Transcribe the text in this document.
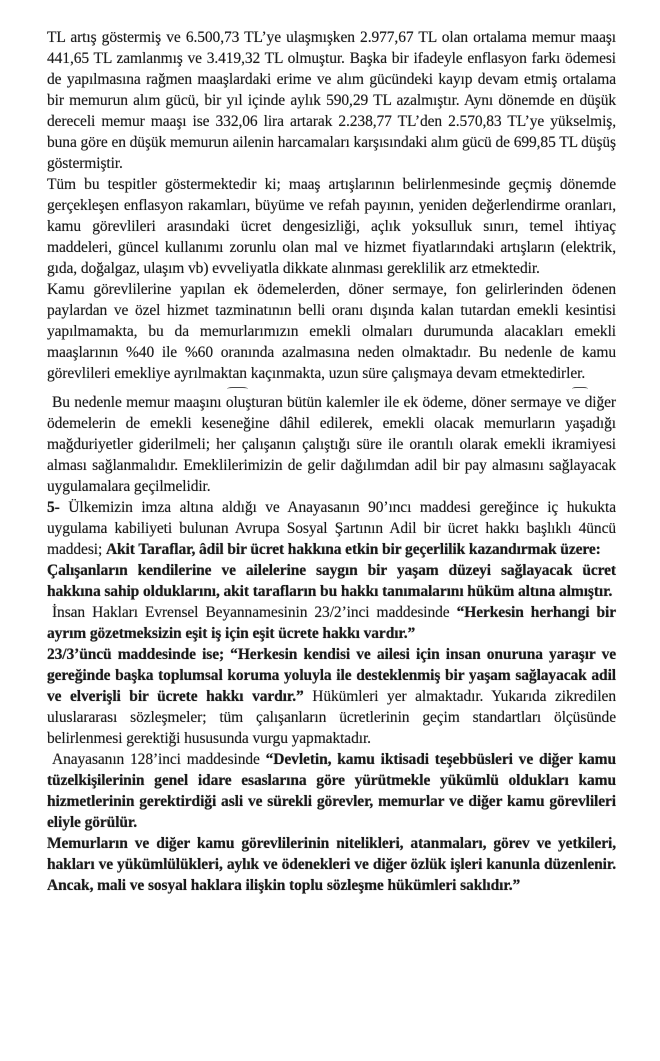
TL artış göstermiş ve 6.500,73 TL’ye ulaşmışken 2.977,67 TL olan ortalama memur maaşı 441,65 TL zamlanmış ve 3.419,32 TL olmuştur. Başka bir ifadeyle enflasyon farkı ödemesi de yapılmasına rağmen maaşlardaki erime ve alım gücündeki kayıp devam etmiş ortalama bir memurun alım gücü, bir yıl içinde aylık 590,29 TL azalmıştır. Aynı dönemde en düşük dereceli memur maaşı ise 332,06 lira artarak 2.238,77 TL’den 2.570,83 TL’ye yükselmiş, buna göre en düşük memurun ailenin harcamaları karşısındaki alım gücü de 699,85 TL düşüş göstermiştir.

Tüm bu tespitler göstermektedir ki; maaş artışlarının belirlenmesinde geçmiş dönemde gerçekleşen enflasyon rakamları, büyüme ve refah payının, yeniden değerlendirme oranları, kamu görevlileri arasındaki ücret dengesizliği, açlık yoksulluk sınırı, temel ihtiyaç maddeleri, güncel kullanımı zorunlu olan mal ve hizmet fiyatlarındaki artışların (elektrik, gıda, doğalgaz, ulaşım vb) evveliyatla dikkate alınması gereklilik arz etmektedir.

Kamu görevlilerine yapılan ek ödemelerden, döner sermaye, fon gelirlerinden ödenen paylardan ve özel hizmet tazminatının belli oranı dışında kalan tutardan emekli kesintisi yapılmamakta, bu da memurlarımızın emekli olmaları durumunda alacakları emekli maaşlarının %40 ile %60 oranında azalmasına neden olmaktadır. Bu nedenle de kamu görevlileri emekliye ayrılmaktan kaçınmakta, uzun süre çalışmaya devam etmektedirler.

Bu nedenle memur maaşını oluşturan bütün kalemler ile ek ödeme, döner sermaye ve diğer ödemelerin de emekli keseneğine dâhil edilerek, emekli olacak memurların yaşadığı mağduriyetler giderilmeli; her çalışanın çalıştığı süre ile orantılı olarak emekli ikramiyesi alması sağlanmalıdır. Emeklilerimizin de gelir dağılımdan adil bir pay almasını sağlayacak uygulamalara geçilmelidir.

5- Ülkemizin imza altına aldığı ve Anayasanın 90’ıncı maddesi gereğince iç hukukta uygulama kabiliyeti bulunan Avrupa Sosyal Şartının Adil bir ücret hakkı başlıklı 4üncü maddesi; Akit Taraflar, âdil bir ücret hakkına etkin bir geçerlilik kazandırmak üzere:

Çalışanların kendilerine ve ailelerine saygın bir yaşam düzeyi sağlayacak ücret hakkına sahip olduklarını, akit tarafların bu hakkı tanımalarını hüküm altına almıştır.

İnsan Hakları Evrensel Beyannamesinin 23/2’inci maddesinde “Herkesin herhangi bir ayrım gözetmeksizin eşit iş için eşit ücrete hakkı vardır.”

23/3’üncü maddesinde ise; “Herkesin kendisi ve ailesi için insan onuruna yaraşır ve gereğinde başka toplumsal koruma yoluyla ile desteklenmiş bir yaşam sağlayacak adil ve elverişli bir ücrete hakkı vardır.” Hükümleri yer almaktadır. Yukarıda zikredilen uluslararası sözleşmeler; tüm çalışanların ücretlerinin geçim standartları ölçüsünde belirlenmesi gerektiği hususunda vurgu yapmaktadır.

Anayasanın 128’inci maddesinde “Devletin, kamu iktisadi teşebbüsleri ve diğer kamu tüzelkişilerinin genel idare esaslarına göre yürütmekle yükümlü oldukları kamu hizmetlerinin gerektirdiği asli ve sürekli görevler, memurlar ve diğer kamu görevlileri eliyle görülür.

Memurların ve diğer kamu görevlilerinin nitelikleri, atanmaları, görev ve yetkileri, hakları ve yükümlülükleri, aylık ve ödenekleri ve diğer özlük işleri kanunla düzenlenir. Ancak, mali ve sosyal haklara ilişkin toplu sözleşme hükümleri saklıdır.”
